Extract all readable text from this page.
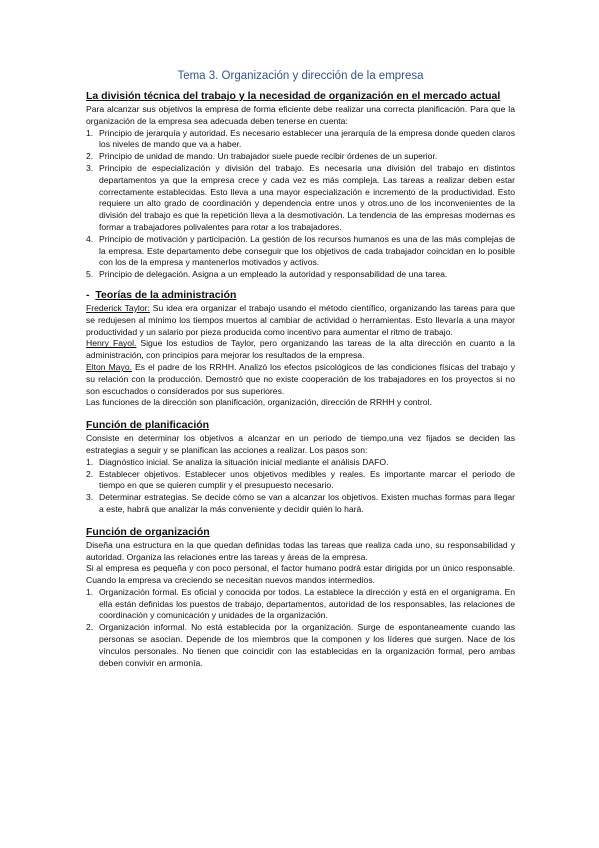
Tema 3. Organización y dirección de la empresa
La división técnica del trabajo y la necesidad de organización en el mercado actual

Para alcanzar sus objetivos la empresa de forma eficiente debe realizar una correcta planificación. Para que la organización de la empresa sea adecuada deben tenerse en cuenta:

1. Principio de jerarquía y autoridad. Es necesario establecer una jerarquía de la empresa donde queden claros los niveles de mando que va a haber.
2. Principio de unidad de mando. Un trabajador suele puede recibir órdenes de un superior.
3. Principio de especialización y división del trabajo. Es necesaria una división del trabajo en distintos departamentos ya que la empresa crece y cada vez es más compleja. Las tareas a realizar deben estar correctamente establecidas. Esto lleva a una mayor especialización e incremento de la productividad. Esto requiere un alto grado de coordinación y dependencia entre unos y otros.uno de los inconvenientes de la división del trabajo es que la repetición lleva a la desmotivación. La tendencia de las empresas modernas es formar a trabajadores polivalentes para rotar a los trabajadores.
4. Principio de motivación y participación. La gestión de los recursos humanos es una de las más complejas de la empresa. Este departamento debe conseguir que los objetivos de cada trabajador coincidan en lo posible con los de la empresa y mantenerlos motivados y activos.
5. Principio de delegación. Asigna a un empleado la autoridad y responsabilidad de una tarea.
- Teorías de la administración

Frederick Taylor: Su idea era organizar el trabajo usando el método científico, organizando las tareas para que se redujesen al mínimo los tiempos muertos al cambiar de actividad o herramientas. Esto llevaría a una mayor productividad y un salario por pieza producida como incentivo para aumentar el ritmo de trabajo.

Henry Fayol. Sigue los estudios de Taylor, pero organizando las tareas de la alta dirección en cuanto a la administración, con principios para mejorar los resultados de la empresa.

Elton Mayo. Es el padre de los RRHH. Analizó los efectos psicológicos de las condiciones físicas del trabajo y su relación con la producción. Demostró que no existe cooperación de los trabajadores en los proyectos si no son escuchados o considerados por sus superiores.

Las funciones de la dirección son planificación, organización, dirección de RRHH y control.

Función de planificación

Consiste en determinar los objetivos a alcanzar en un periodo de tiempo.una vez fijados se deciden las estrategias a seguir y se planifican las acciones a realizar. Los pasos son:

1. Diagnóstico inicial. Se analiza la situación inicial mediante el análisis DAFO.
2. Establecer objetivos. Establecer unos objetivos medibles y reales. Es importante marcar el periodo de tiempo en que se quieren cumplir y el presupuesto necesario.
3. Determinar estrategias. Se decide cómo se van a alcanzar los objetivos. Existen muchas formas para llegar a este, habrá que analizar la más conveniente y decidir quién lo hará.
Función de organización

Diseña una estructura en la que quedan definidas todas las tareas que realiza cada uno, su responsabilidad y autoridad. Organiza las relaciones entre las tareas y áreas de la empresa.

Si al empresa es pequeña y con poco personal, el factor humano podrá estar dirigida por un único responsable. Cuando la empresa va creciendo se necesitan nuevos mandos intermedios.

1. Organización formal. Es oficial y conocida por todos. La establece la dirección y está en el organigrama. En ella están definidas los puestos de trabajo, departamentos, autoridad de los responsables, las relaciones de coordinación y comunicación y unidades de la organización.
2. Organización informal. No está establecida por la organización. Surge de espontaneamente cuando las personas se asocian. Depende de los miembros que la componen y los líderes que surgen. Nace de los vínculos personales. No tienen que coincidir con las establecidas en la organización formal, pero ambas deben convivir en armonía.
